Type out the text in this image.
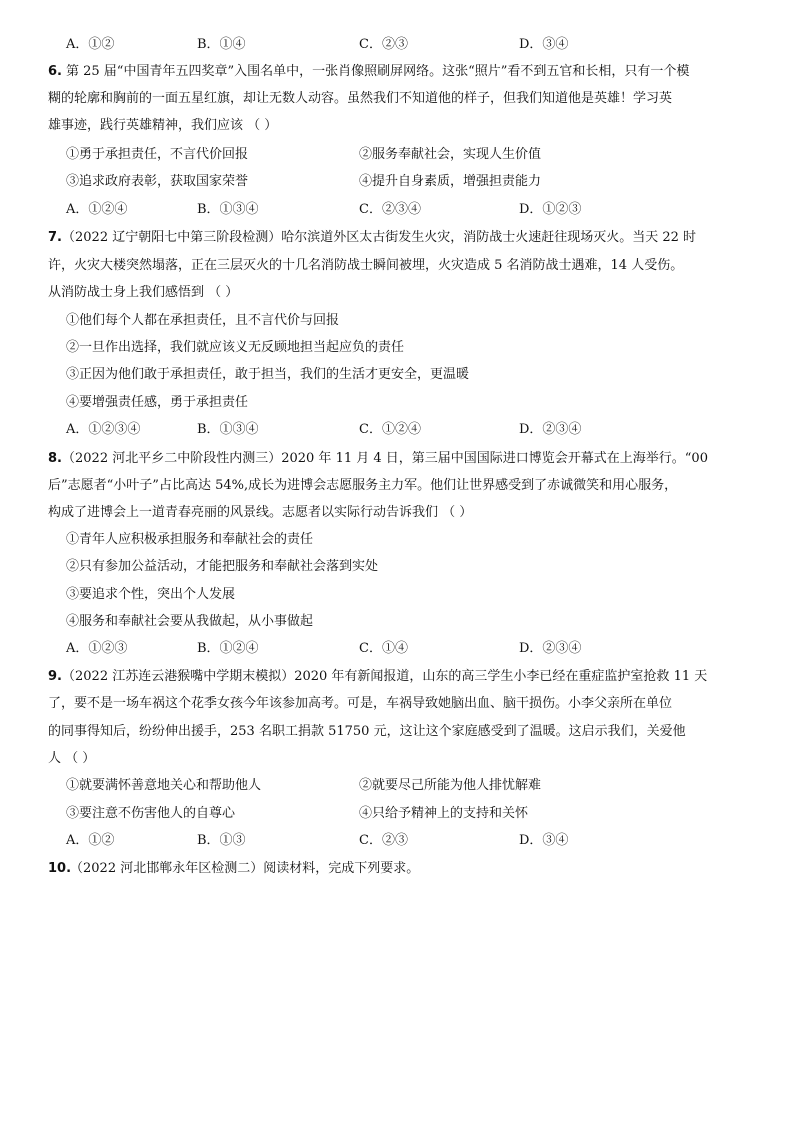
A．①②	B．①④	C．②③	D．③④
6. 第 25 届“中国青年五四奖章”入围名单中，一张肖像照刷屏网络。这张“照片”看不到五官和长相，只有一个模
糊的轮廓和胸前的一面五星红旗，却让无数人动容。虽然我们不知道他的样子，但我们知道他是英雄！学习英
雄事迹，践行英雄精神，我们应该 （ ）
①勇于承担责任，不言代价回报	②服务奉献社会，实现人生价值
③追求政府表彰，获取国家荣誉	④提升自身素质，增强担责能力
A．①②④	B．①③④	C．②③④	D．①②③
7. （2022 辽宁朝阳七中第三阶段检测）哈尔滨道外区太古街发生火灾，消防战士火速赶往现场灭火。当天 22 时
许，火灾大楼突然塌落，正在三层灭火的十几名消防战士瞬间被埋，火灾造成 5 名消防战士遇难，14 人受伤。
从消防战士身上我们感悟到 （ ）
①他们每个人都在承担责任，且不言代价与回报
②一旦作出选择，我们就应该义无反顾地担当起应负的责任
③正因为他们敢于承担责任，敢于担当，我们的生活才更安全，更温暖
④要增强责任感，勇于承担责任
A．①②③④	B．①③④	C．①②④	D．②③④
8. （2022 河北平乡二中阶段性内测三）2020 年 11 月 4 日，第三届中国国际进口博览会开幕式在上海举行。“00
后”志愿者“小叶子”占比高达 54%,成长为进博会志愿服务主力军。他们让世界感受到了赤诚微笑和用心服务，
构成了进博会上一道青春亮丽的风景线。志愿者以实际行动告诉我们 （ ）
①青年人应积极承担服务和奉献社会的责任
②只有参加公益活动，才能把服务和奉献社会落到实处
③要追求个性，突出个人发展
④服务和奉献社会要从我做起，从小事做起
A．①②③	B．①②④	C．①④	D．②③④
9. （2022 江苏连云港猴嘴中学期末模拟）2020 年有新闻报道，山东的高三学生小李已经在重症监护室抢救 11 天
了，要不是一场车祸这个花季女孩今年该参加高考。可是，车祸导致她脑出血、脑干损伤。小李父亲所在单位
的同事得知后，纷纷伸出援手，253 名职工捐款 51750 元，这让这个家庭感受到了温暖。这启示我们，关爱他
人 （ ）
①就要满怀善意地关心和帮助他人	②就要尽己所能为他人排忧解难
③要注意不伤害他人的自尊心	④只给予精神上的支持和关怀
A．①②	B．①③	C．②③	D．③④
10.
（2022 河北邯郸永年区检测二）阅读材料，完成下列要求。
